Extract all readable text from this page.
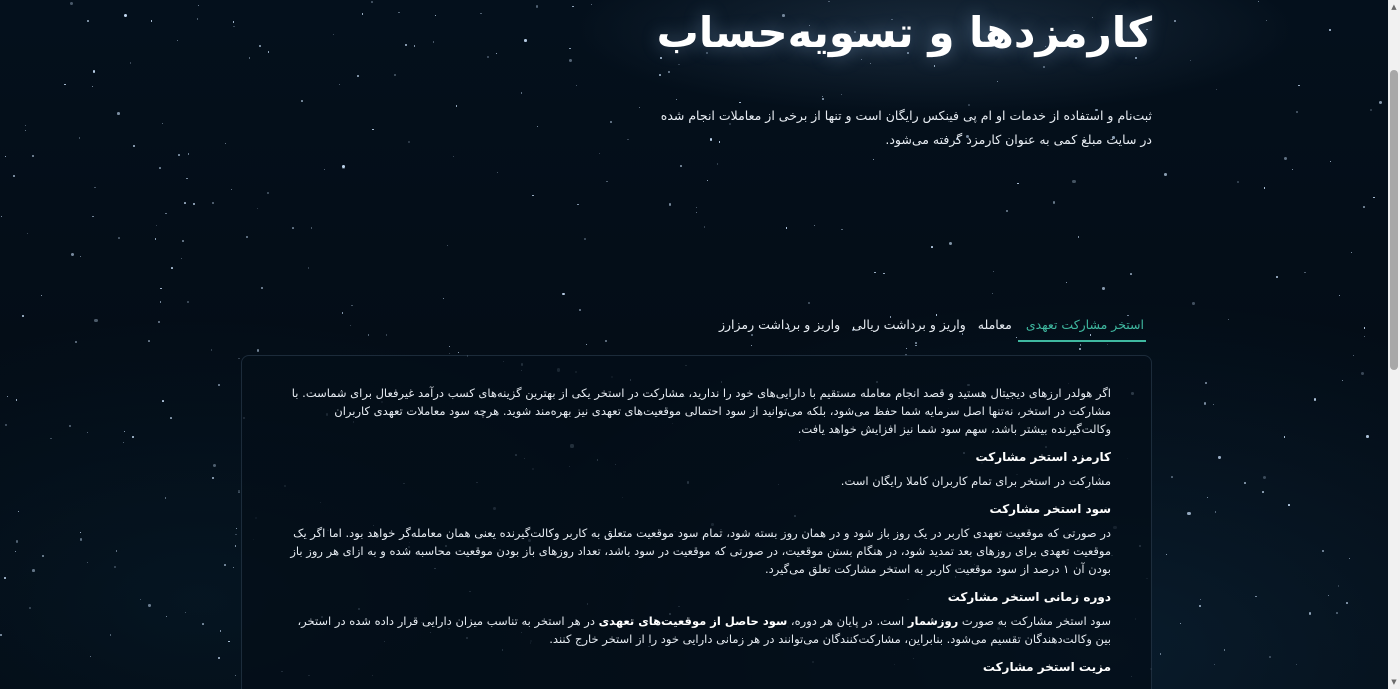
کارمزدها و تسویه‌حساب
ثبت‌نام و استفاده از خدمات او ام پی فینکس رایگان است و تنها از برخی از معاملات انجام شده
در سایت مبلغ کمی به عنوان کارمزد گرفته می‌شود.
استخر مشارکت تعهدی
معامله
واریز و برداشت ریالی
واریز و برداشت رمزارز

اگر هولدر ارزهای دیجیتال هستید و قصد انجام معامله مستقیم با دارایی‌های خود را ندارید، مشارکت در استخر یکی از بهترین گزینه‌های کسب درآمد غیرفعال برای شماست. با مشارکت در استخر، نه‌تنها اصل سرمایه شما حفظ می‌شود، بلکه می‌توانید از سود احتمالی موقعیت‌های تعهدی نیز بهره‌مند شوید. هرچه سود معاملات تعهدی کاربران وکالت‌گیرنده بیشتر باشد، سهم سود شما نیز افزایش خواهد یافت.

کارمزد استخر مشارکت

مشارکت در استخر برای تمام کاربران کاملا رایگان است.

سود استخر مشارکت

در صورتی که موقعیت تعهدی کاربر در یک روز باز شود و در همان روز بسته شود، تمام سود موقعیت متعلق به کاربر وکالت‌گیرنده یعنی همان معامله‌گر خواهد بود. اما اگر یک موقعیت تعهدی برای روزهای بعد تمدید شود، در هنگام بستن موقعیت، در صورتی که موقعیت در سود باشد، تعداد روزهای باز بودن موقعیت محاسبه شده و به ازای هر روز باز بودن آن ۱ درصد از سود موقعیت کاربر به استخر مشارکت تعلق می‌گیرد.

دوره زمانی استخر مشارکت

سود استخر مشارکت به صورت روزشمار است. در پایان هر دوره، سود حاصل از موقعیت‌های تعهدی در هر استخر به تناسب میزان دارایی قرار داده شده در استخر، بین وکالت‌دهندگان تقسیم می‌شود. بنابراین، مشارکت‌کنندگان می‌توانند در هر زمانی دارایی خود را از استخر خارج کنند.

مزیت استخر مشارکت
▲
▼
